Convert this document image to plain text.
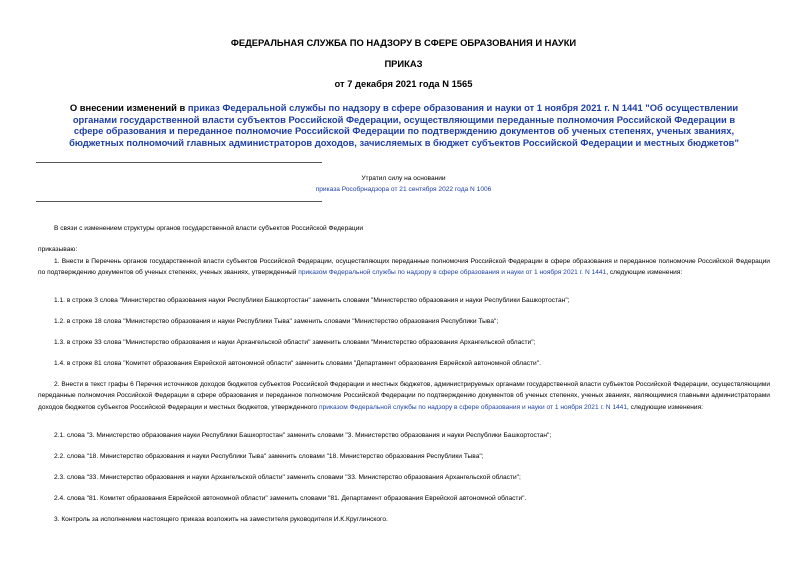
ФЕДЕРАЛЬНАЯ СЛУЖБА ПО НАДЗОРУ В СФЕРЕ ОБРАЗОВАНИЯ И НАУКИ
ПРИКАЗ
от 7 декабря 2021 года N 1565
О внесении изменений в приказ Федеральной службы по надзору в сфере образования и науки от 1 ноября 2021 г. N 1441 "Об осуществлении органами государственной власти субъектов Российской Федерации, осуществляющими переданные полномочия Российской Федерации в сфере образования и переданное полномочие Российской Федерации по подтверждению документов об ученых степенях, ученых званиях, бюджетных полномочий главных администраторов доходов, зачисляемых в бюджет субъектов Российской Федерации и местных бюджетов"
Утратил силу на основании
приказа Рособрнадзора от 21 сентября 2022 года N 1006
В связи с изменением структуры органов государственной власти субъектов Российской Федерации
приказываю:
1. Внести в Перечень органов государственной власти субъектов Российской Федерации, осуществляющих переданные полномочия Российской Федерации в сфере образования и переданное полномочие Российской Федерации по подтверждению документов об ученых степенях, ученых званиях, утвержденный приказом Федеральной службы по надзору в сфере образования и науки от 1 ноября 2021 г. N 1441, следующие изменения:
1.1. в строке 3 слова "Министерство образования науки Республики Башкортостан" заменить словами "Министерство образования и науки Республики Башкортостан";
1.2. в строке 18 слова "Министерство образования и науки Республики Тыва" заменить словами "Министерство образования Республики Тыва";
1.3. в строке 33 слова "Министерство образования и науки Архангельской области" заменить словами "Министерство образования Архангельской области";
1.4. в строке 81 слова "Комитет образования Еврейской автономной области" заменить словами "Департамент образования Еврейской автономной области".
2. Внести в текст графы 6 Перечня источников доходов бюджетов субъектов Российской Федерации и местных бюджетов, администрируемых органами государственной власти субъектов Российской Федерации, осуществляющими переданные полномочия Российской Федерации в сфере образования и переданное полномочие Российской Федерации по подтверждению документов об ученых степенях, ученых званиях, являющимися главными администраторами доходов бюджетов субъектов Российской Федерации и местных бюджетов, утвержденного приказом Федеральной службы по надзору в сфере образования и науки от 1 ноября 2021 г. N 1441, следующие изменения:
2.1. слова "3. Министерство образования науки Республики Башкортостан" заменить словами "3. Министерство образования и науки Республики Башкортостан";
2.2. слова "18. Министерство образования и науки Республики Тыва" заменить словами "18. Министерство образования Республики Тыва";
2.3. слова "33. Министерство образования и науки Архангельской области" заменить словами "33. Министерство образования Архангельской области";
2.4. слова "81. Комитет образования Еврейской автономной области" заменить словами "81. Департамент образования Еврейской автономной области".
3. Контроль за исполнением настоящего приказа возложить на заместителя руководителя И.К.Круглинского.
